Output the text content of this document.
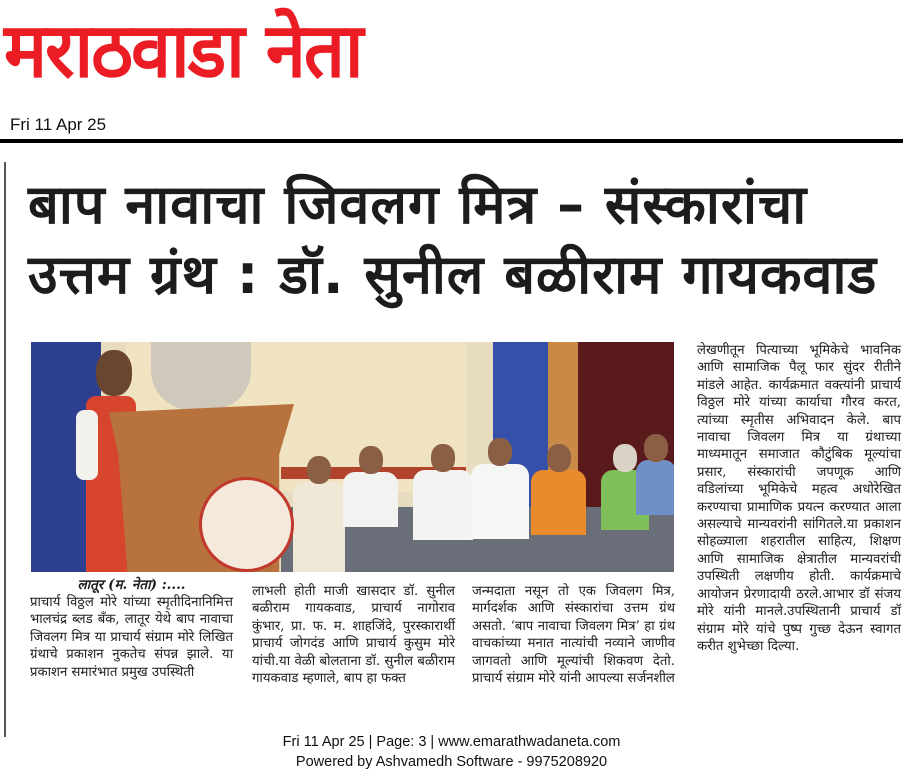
मराठवाडा नेता
Fri 11 Apr 25
बाप नावाचा जिवलग मित्र – संस्कारांचा
उत्तम ग्रंथ : डॉ. सुनील बळीराम गायकवाड

लातूर (म. नेता) :....

प्राचार्य विठ्ठल मोरे यांच्या स्मृतीदिनानिमित्त भालचंद्र ब्लड बँक, लातूर येथे बाप नावाचा जिवलग मित्र या प्राचार्य संग्राम मोरे लिखित ग्रंथाचे प्रकाशन नुकतेच संपन्न झाले. या प्रकाशन समारंभात प्रमुख उपस्थिती

लाभली होती माजी खासदार डॉ. सुनील बळीराम गायकवाड, प्राचार्य नागोराव कुंभार, प्रा. फ. म. शाहजिंदे, पुरस्कारार्थी प्राचार्य जोगदंड आणि प्राचार्य कुसुम मोरे यांची.या वेळी बोलताना डॉ. सुनील बळीराम गायकवाड म्हणाले, बाप हा फक्त

जन्मदाता नसून तो एक जिवलग मित्र, मार्गदर्शक आणि संस्कारांचा उत्तम ग्रंथ असतो. ‘बाप नावाचा जिवलग मित्र’ हा ग्रंथ वाचकांच्या मनात नात्यांची नव्याने जाणीव जागवतो आणि मूल्यांची शिकवण देतो. प्राचार्य संग्राम मोरे यांनी आपल्या सर्जनशील

लेखणीतून पित्याच्या भूमिकेचे भावनिक आणि सामाजिक पैलू फार सुंदर रीतीने मांडले आहेत. कार्यक्रमात वक्त्यांनी प्राचार्य विठ्ठल मोरे यांच्या कार्याचा गौरव करत, त्यांच्या स्मृतीस अभिवादन केले. बाप नावाचा जिवलग मित्र या ग्रंथाच्या माध्यमातून समाजात कौटुंबिक मूल्यांचा प्रसार, संस्कारांची जपणूक आणि वडिलांच्या भूमिकेचे महत्व अधोरेखित करण्याचा प्रामाणिक प्रयत्न करण्यात आला असल्याचे मान्यवरांनी सांगितले.या प्रकाशन सोहळ्याला शहरातील साहित्य, शिक्षण आणि सामाजिक क्षेत्रातील मान्यवरांची उपस्थिती लक्षणीय होती. कार्यक्रमाचे आयोजन प्रेरणादायी ठरले.आभार डॉ संजय मोरे यांनी मानले.उपस्थितानी प्राचार्य डॉ संग्राम मोरे यांचे पुष्प गुच्छ देऊन स्वागत करीत शुभेच्छा दिल्या.

Fri 11 Apr 25 | Page: 3 | www.emarathwadaneta.com
Powered by Ashvamedh Software - 9975208920
